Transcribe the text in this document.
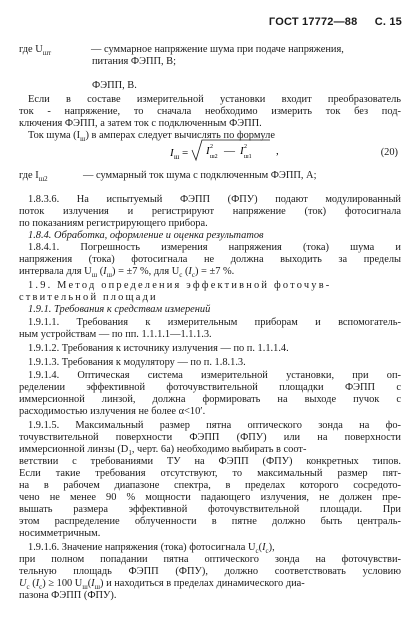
ГОСТ 17772—88 С. 15
где $U_{шт}$	— суммарное напряжение шума при подаче напряжения,
питания ФЭПП, В;
ФЭПП, В.
Если в составе измерительной установки входит преобразователь
ток - напряжение, то сначала необходимо измерить ток без под-
ключения ФЭПП, а затем ток с подключенным ФЭПП.
Ток шума $(I_ш)$ в амперах следует вычислять по формуле
I ш = I 2
ш2 — I 2
ш1 ,	(20)
где $I_{ш2}$	— суммарный ток шума с подключенным ФЭПП, А;
1.8.3.6. На испытуемый ФЭПП (ФПУ) подают модулированный
поток излучения и регистрируют напряжение (ток) фотосигнала
по показаниям регистрирующего прибора.
1.8.4. Обработка, оформление и оценка результатов
1.8.4.1. Погрешность измерения напряжения (тока) шума и
напряжения (тока) фотосигнала не должна выходить за пределы
интервала для $U_ш$ $(I_ш) = \pm 7$ %, для $U_с$ $(I_с) = \pm 7$ %.
1.9. Метод определения эффективной фоточув-
ствительной площади
1.9.1. Требования к средствам измерений
1.9.1.1. Требования к измерительным приборам и вспомогатель-
ным устройствам — по пп. 1.1.1.1—1.1.1.3.
1.9.1.2. Требования к источнику излучения — по п. 1.1.1.4.
1.9.1.3. Требования к модулятору — по п. 1.8.1.3.
1.9.1.4. Оптическая система измерительной установки, при оп-
ределении эффективной фоточувствительной площадки ФЭПП с
иммерсионной линзой, должна формировать на выходе пучок с
расходимостью излучения не более α<10′.
1.9.1.5. Максимальный размер пятна оптического зонда на фо-
точувствительной поверхности ФЭПП (ФПУ) или на поверхности
иммерсионной линзы ($D_1$, черт. 6а) необходимо выбирать в соот-
ветствии с требованиями ТУ на ФЭПП (ФПУ) конкретных типов.
Если такие требования отсутствуют, то максимальный размер пят-
на в рабочем диапазоне спектра, в пределах которого сосредото-
чено не менее 90 % мощности падающего излучения, не должен пре-
вышать размера эффективной фоточувствительной площади. При
этом распределение облученности в пятне должно быть централь-
носимметричным.
1.9.1.6. Значение напряжения (тока) фотосигнала $U_с(I_с)$,
при полном попадании пятна оптического зонда на фоточувстви-
тельную площадь ФЭПП (ФПУ), должно соответствовать условию
$U_с$ $(I_с) \ge 100$ $U_ш(I_ш)$ и находиться в пределах динамического диа-
пазона ФЭПП (ФПУ).
